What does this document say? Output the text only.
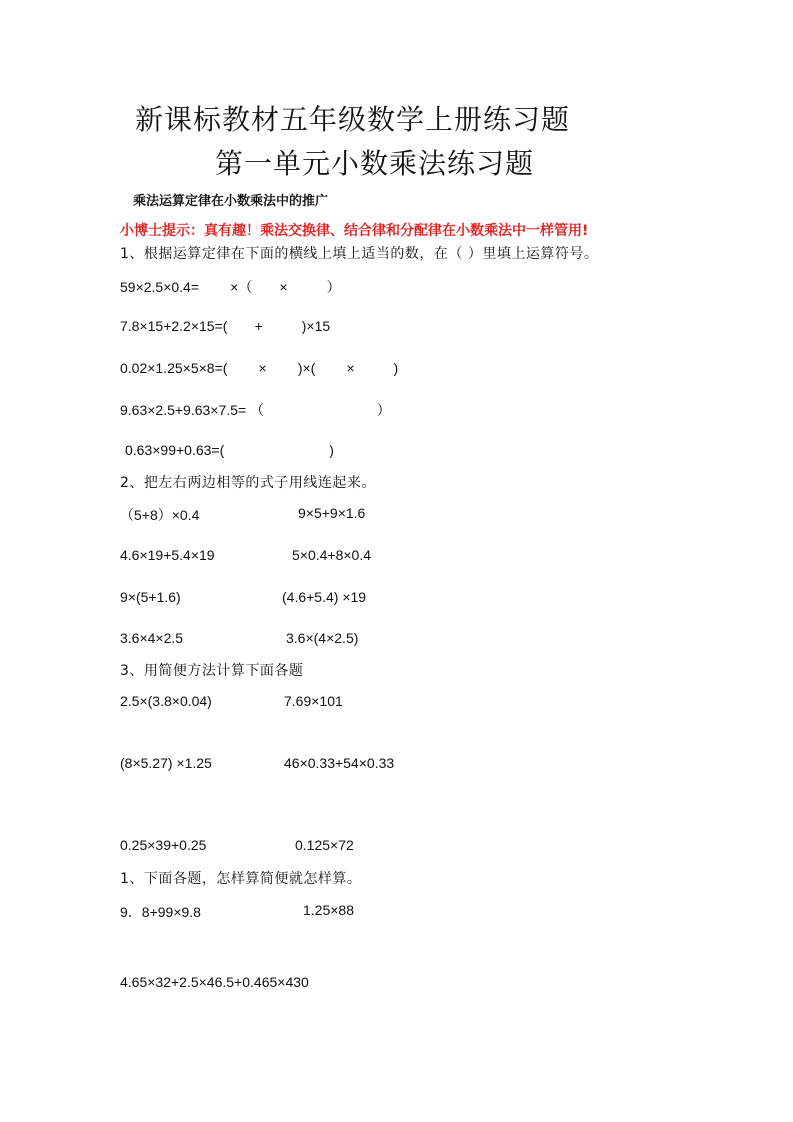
新课标教材五年级数学上册练习题
第一单元小数乘法练习题
乘法运算定律在小数乘法中的推广
小博士提示：真有趣！乘法交换律、结合律和分配律在小数乘法中一样管用!
1、根据运算定律在下面的横线上填上适当的数，在（ ）里填上运算符号。
59×2.5×0.4=        ×（       ×          ）
7.8×15+2.2×15=(       +          )×15
0.02×1.25×5×8=(        ×        )×(        ×          )
9.63×2.5+9.63×7.5= （                             ）
0.63×99+0.63=(                           )
2、把左右两边相等的式子用线连起来。
（5+8）×0.4	9×5+9×1.6
4.6×19+5.4×19	5×0.4+8×0.4
9×(5+1.6)	(4.6+5.4) ×19
3.6×4×2.5	3.6×(4×2.5)
3、用简便方法计算下面各题
2.5×(3.8×0.04)	7.69×101
(8×5.27) ×1.25	46×0.33+54×0.33
0.25×39+0.25	0.125×72
1、下面各题，怎样算简便就怎样算。
9．8+99×9.8	1.25×88
4.65×32+2.5×46.5+0.465×430
